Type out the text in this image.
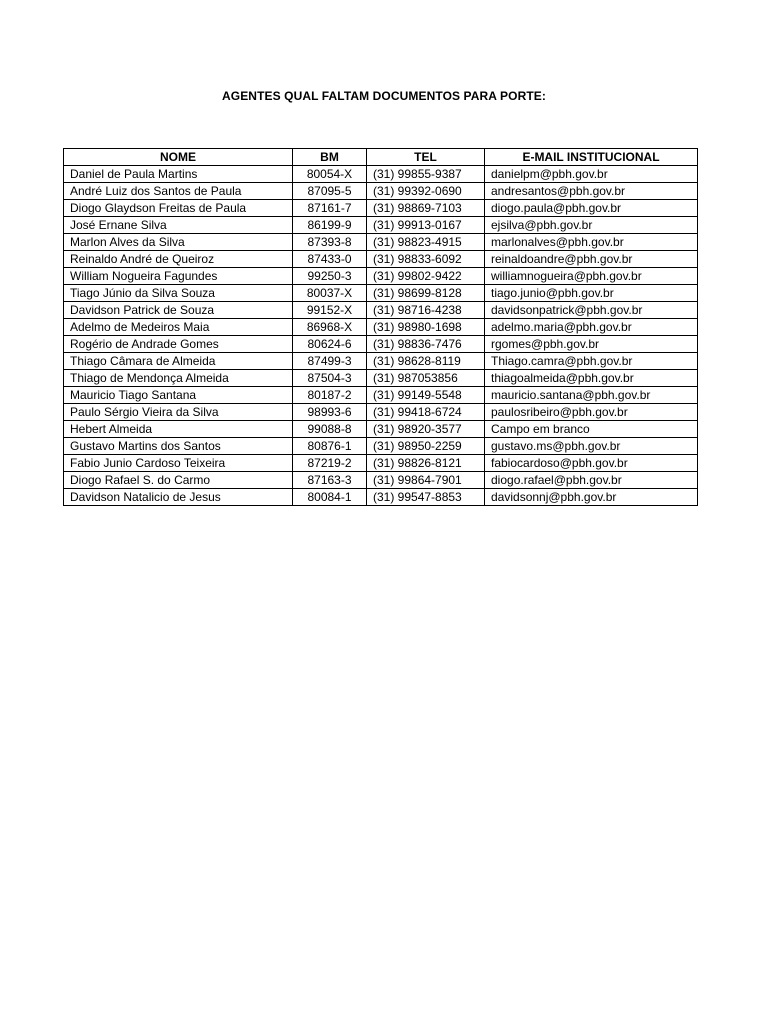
AGENTES QUAL FALTAM DOCUMENTOS PARA PORTE:
NOME	BM	TEL	E-MAIL INSTITUCIONAL
Daniel de Paula Martins	80054-X	(31) 99855-9387	danielpm@pbh.gov.br
André Luiz dos Santos de Paula	87095-5	(31) 99392-0690	andresantos@pbh.gov.br
Diogo Glaydson Freitas de Paula	87161-7	(31) 98869-7103	diogo.paula@pbh.gov.br
José Ernane Silva	86199-9	(31) 99913-0167	ejsilva@pbh.gov.br
Marlon Alves da Silva	87393-8	(31) 98823-4915	marlonalves@pbh.gov.br
Reinaldo André de Queiroz	87433-0	(31) 98833-6092	reinaldoandre@pbh.gov.br
William Nogueira Fagundes	99250-3	(31) 99802-9422	williamnogueira@pbh.gov.br
Tiago Júnio da Silva Souza	80037-X	(31) 98699-8128	tiago.junio@pbh.gov.br
Davidson Patrick de Souza	99152-X	(31) 98716-4238	davidsonpatrick@pbh.gov.br
Adelmo de Medeiros Maia	86968-X	(31) 98980-1698	adelmo.maria@pbh.gov.br
Rogério de Andrade Gomes	80624-6	(31) 98836-7476	rgomes@pbh.gov.br
Thiago Câmara de Almeida	87499-3	(31) 98628-8119	Thiago.camra@pbh.gov.br
Thiago de Mendonça Almeida	87504-3	(31) 987053856	thiagoalmeida@pbh.gov.br
Mauricio Tiago Santana	80187-2	(31) 99149-5548	mauricio.santana@pbh.gov.br
Paulo Sérgio Vieira da Silva	98993-6	(31) 99418-6724	paulosribeiro@pbh.gov.br
Hebert Almeida	99088-8	(31) 98920-3577	Campo em branco
Gustavo Martins dos Santos	80876-1	(31) 98950-2259	gustavo.ms@pbh.gov.br
Fabio Junio Cardoso Teixeira	87219-2	(31) 98826-8121	fabiocardoso@pbh.gov.br
Diogo Rafael S. do Carmo	87163-3	(31) 99864-7901	diogo.rafael@pbh.gov.br
Davidson Natalicio de Jesus	80084-1	(31) 99547-8853	davidsonnj@pbh.gov.br
